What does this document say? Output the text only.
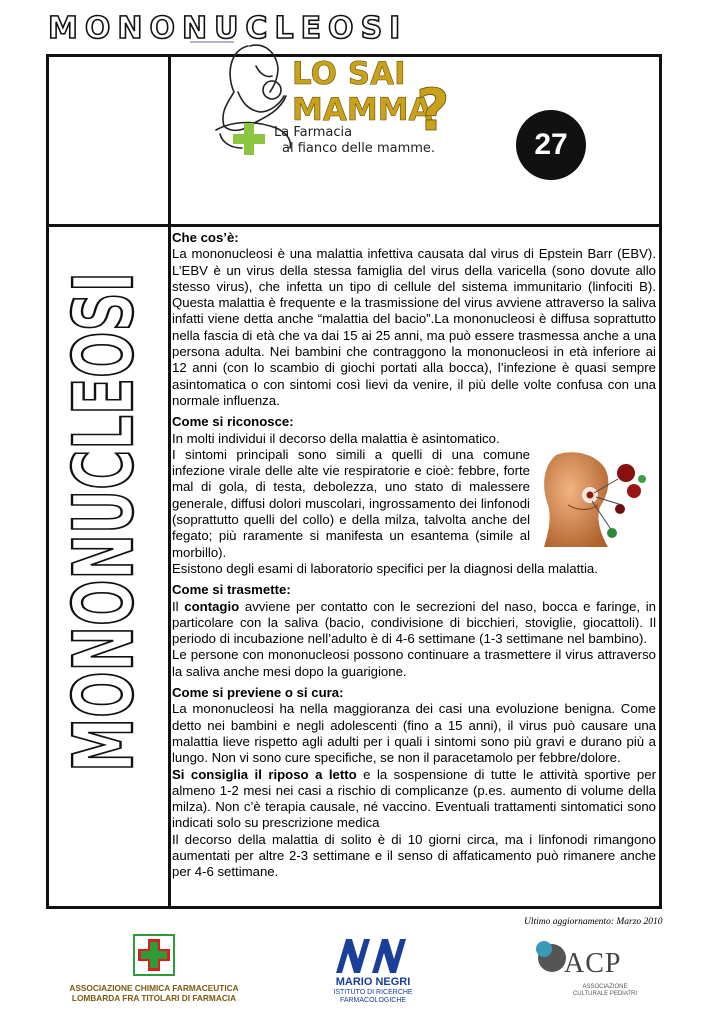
MONONUCLEOSI
MONONUCLEOSI	LO SAI
MAMMA
?
La Farmacia
al fianco delle mamme.	27

Che cos’è:

La mononucleosi è una malattia infettiva causata dal virus di Epstein Barr (EBV). L’EBV è un virus della stessa famiglia del virus della varicella (sono dovute allo stesso virus), che infetta un tipo di cellule del sistema immunitario (linfociti B). Questa malattia è frequente e la trasmissione del virus avviene attraverso la saliva infatti viene detta anche “malattia del bacio”.La mononucleosi è diffusa soprattutto nella fascia di età che va dai 15 ai 25 anni, ma può essere trasmessa anche a una persona adulta. Nei bambini che contraggono la mononucleosi in età inferiore ai 12 anni (con lo scambio di giochi portati alla bocca), l’infezione è quasi sempre asintomatica o con sintomi così lievi da venire, il più delle volte confusa con una normale influenza.

Come si riconosce:

In molti individui il decorso della malattia è asintomatico.

I sintomi principali sono simili a quelli di una comune infezione virale delle alte vie respiratorie e cioè: febbre, forte mal di gola, di testa, debolezza, uno stato di malessere generale, diffusi dolori muscolari, ingrossamento dei linfonodi (soprattutto quelli del collo) e della milza, talvolta anche del fegato; più raramente si manifesta un esantema (simile al morbillo).

Esistono degli esami di laboratorio specifici per la diagnosi della malattia.

Come si trasmette:

Il contagio avviene per contatto con le secrezioni del naso, bocca e faringe, in particolare con la saliva (bacio, condivisione di bicchieri, stoviglie, giocattoli). Il periodo di incubazione nell’adulto è di 4-6 settimane (1-3 settimane nel bambino).

Le persone con mononucleosi possono continuare a trasmettere il virus attraverso la saliva anche mesi dopo la guarigione.

Come si previene o si cura:

La mononucleosi ha nella maggioranza dei casi una evoluzione benigna. Come detto nei bambini e negli adolescenti (fino a 15 anni), il virus può causare una malattia lieve rispetto agli adulti per i quali i sintomi sono più gravi e durano più a lungo. Non vi sono cure specifiche, se non il paracetamolo per febbre/dolore.

Si consiglia il riposo a letto e la sospensione di tutte le attività sportive per almeno 1-2 mesi nei casi a rischio di complicanze (p.es. aumento di volume della milza). Non c’è terapia causale, né vaccino. Eventuali trattamenti sintomatici sono indicati solo su prescrizione medica

Il decorso della malattia di solito è di 10 giorni circa, ma i linfonodi rimangono aumentati per altre 2-3 settimane e il senso di affaticamento può rimanere anche per 4-6 settimane.

Ultimo aggiornamento: Marzo 2010
ASSOCIAZIONE CHIMICA FARMACEUTICA
LOMBARDA FRA TITOLARI DI FARMACIA
MARIO NEGRI
ISTITUTO DI RICERCHE
FARMACOLOGICHE
ACP
ASSOCIAZIONE
CULTURALE PEDIATRI
